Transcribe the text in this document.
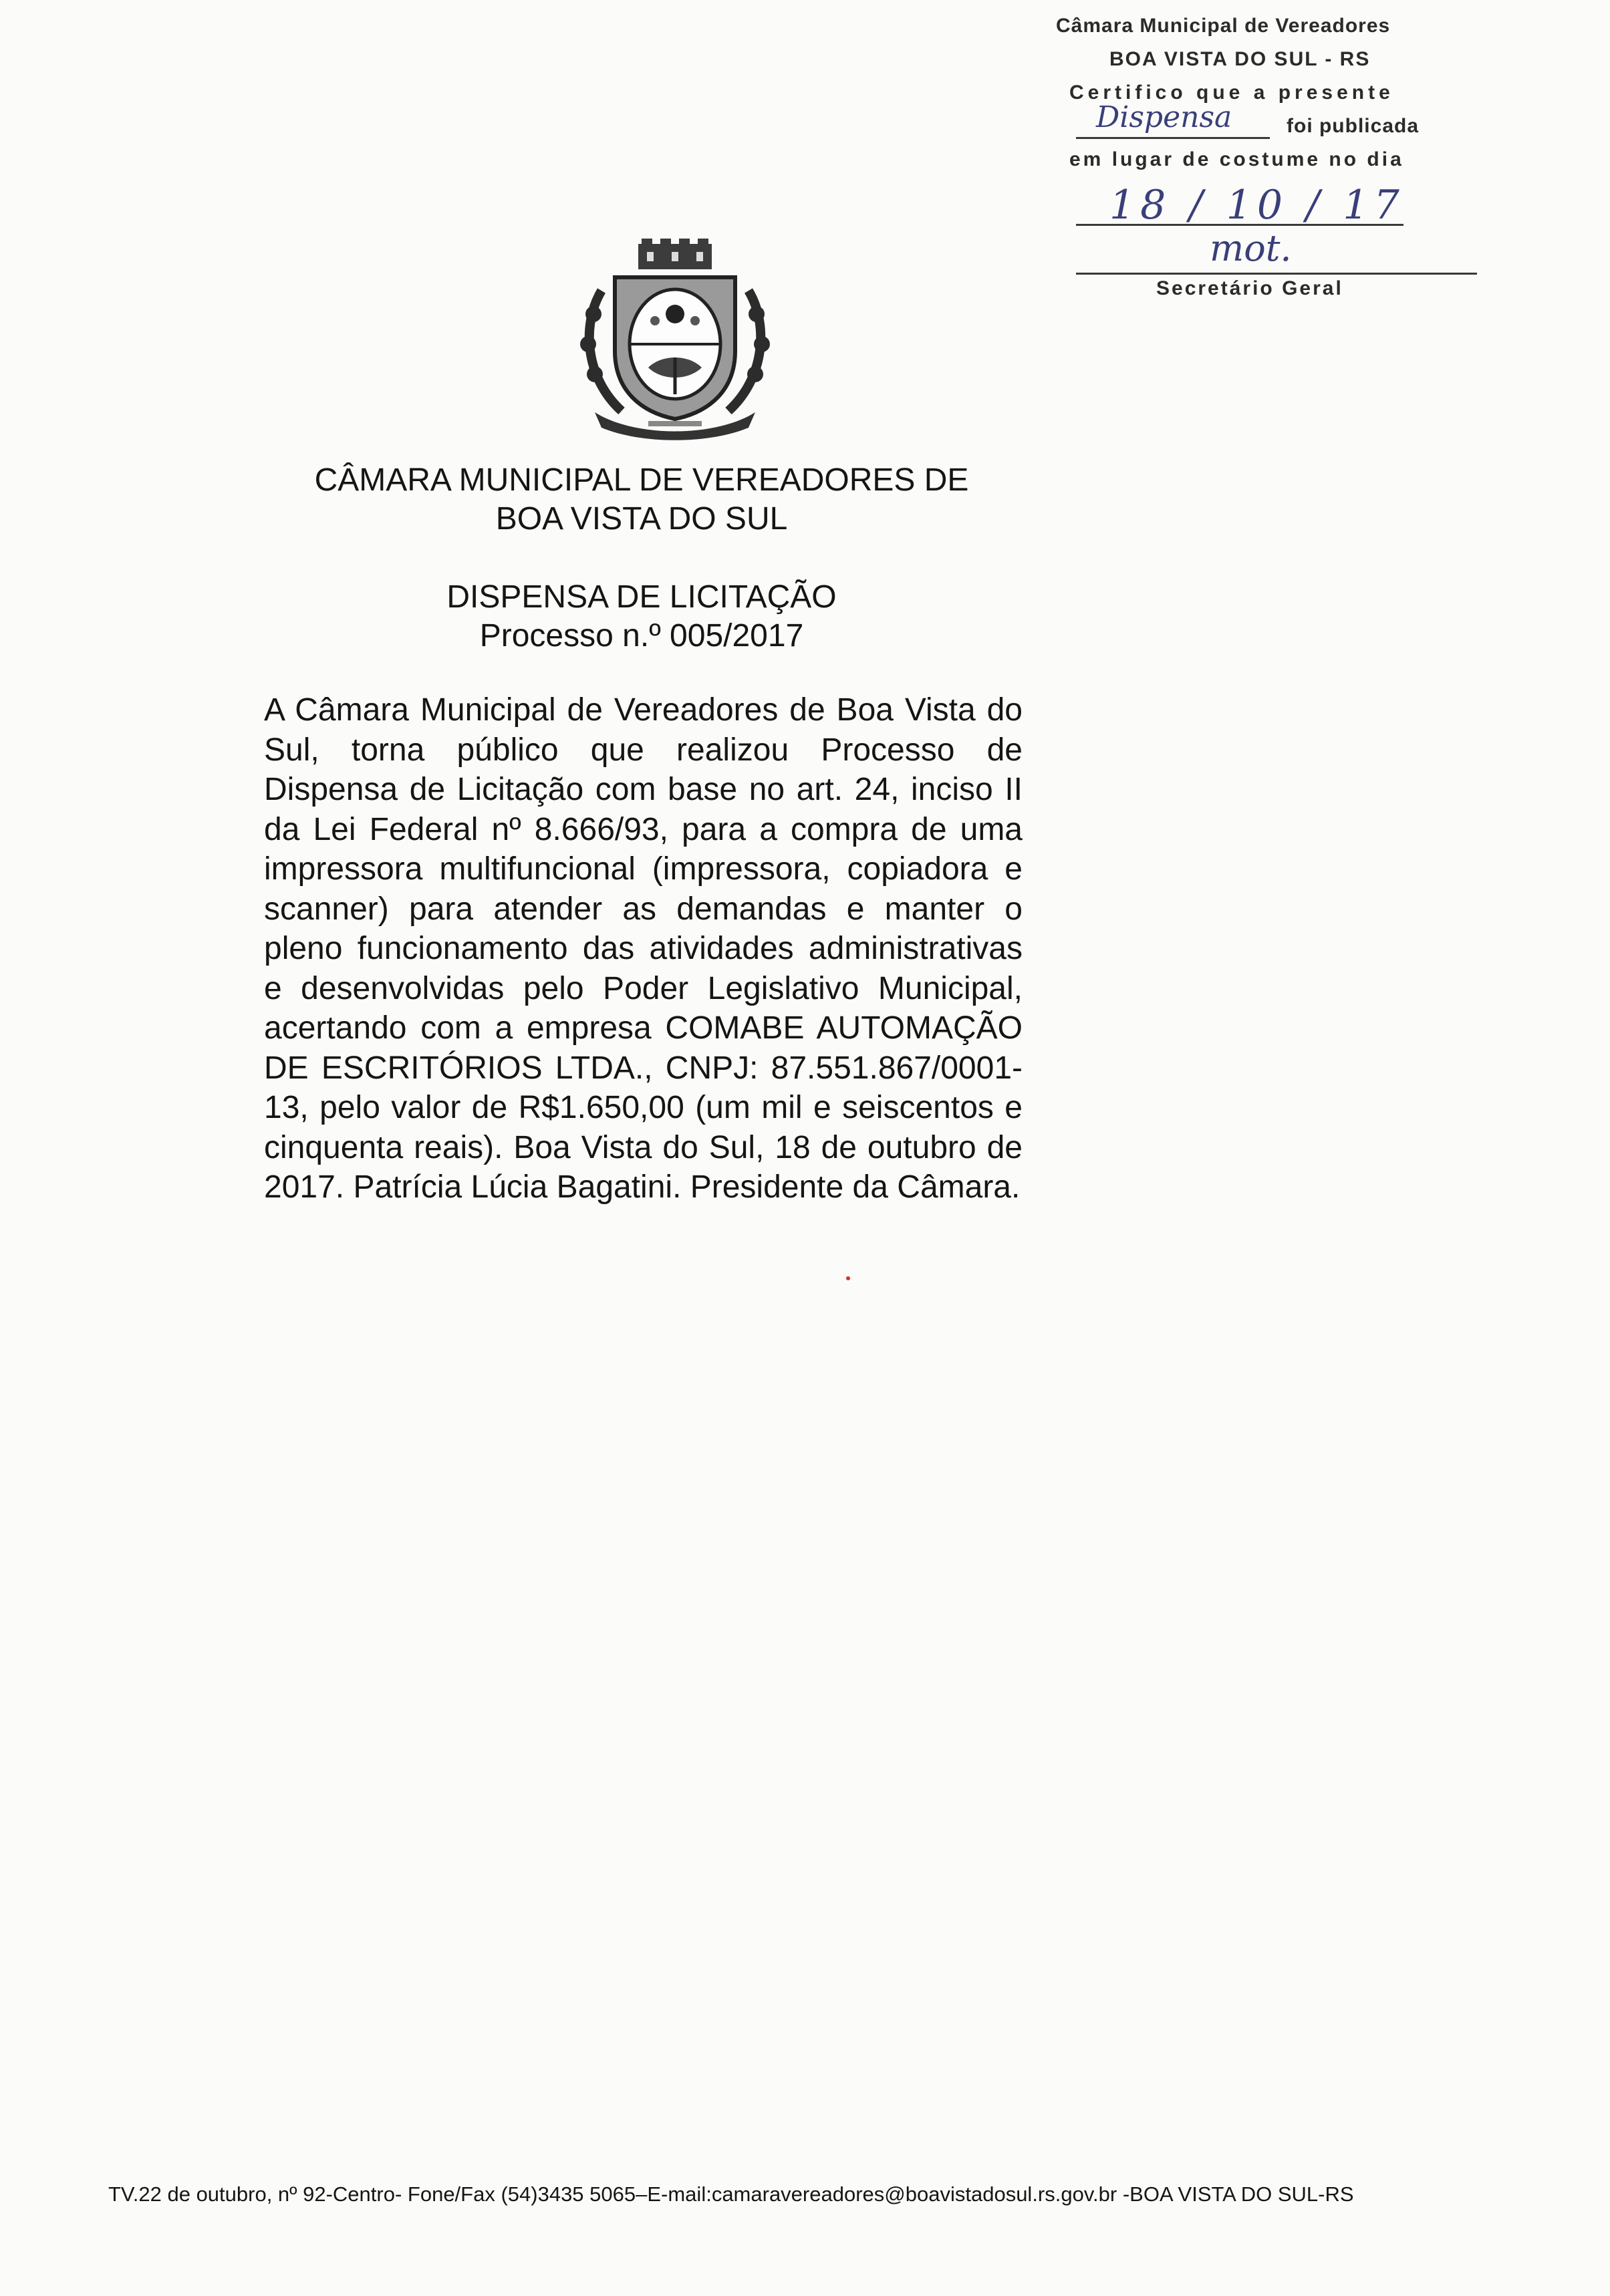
Câmara Municipal de Vereadores
BOA VISTA DO SUL - RS
Certifico que a presente
Dispensa	foi publicada
em lugar de costume no dia
18 / 10 / 17
mot.
Secretário Geral
CÂMARA MUNICIPAL DE VEREADORES DE
BOA VISTA DO SUL
DISPENSA DE LICITAÇÃO
Processo n.º 005/2017
A Câmara Municipal de Vereadores de Boa Vista do Sul, torna público que realizou Processo de Dispensa de Licitação com base no art. 24, inciso II da Lei Federal nº 8.666/93, para a compra de uma impressora multifuncional (impressora, copiadora e scanner) para atender as demandas e manter o pleno funcionamento das atividades administrativas e desenvolvidas pelo Poder Legislativo Municipal, acertando com a empresa COMABE AUTOMAÇÃO DE ESCRITÓRIOS LTDA., CNPJ: 87.551.867/0001-13, pelo valor de R$1.650,00 (um mil e seiscentos e cinquenta reais). Boa Vista do Sul, 18 de outubro de 2017. Patrícia Lúcia Bagatini. Presidente da Câmara.
TV.22 de outubro, nº 92-Centro- Fone/Fax (54)3435 5065–E-mail:camaravereadores@boavistadosul.rs.gov.br -BOA VISTA DO SUL-RS
